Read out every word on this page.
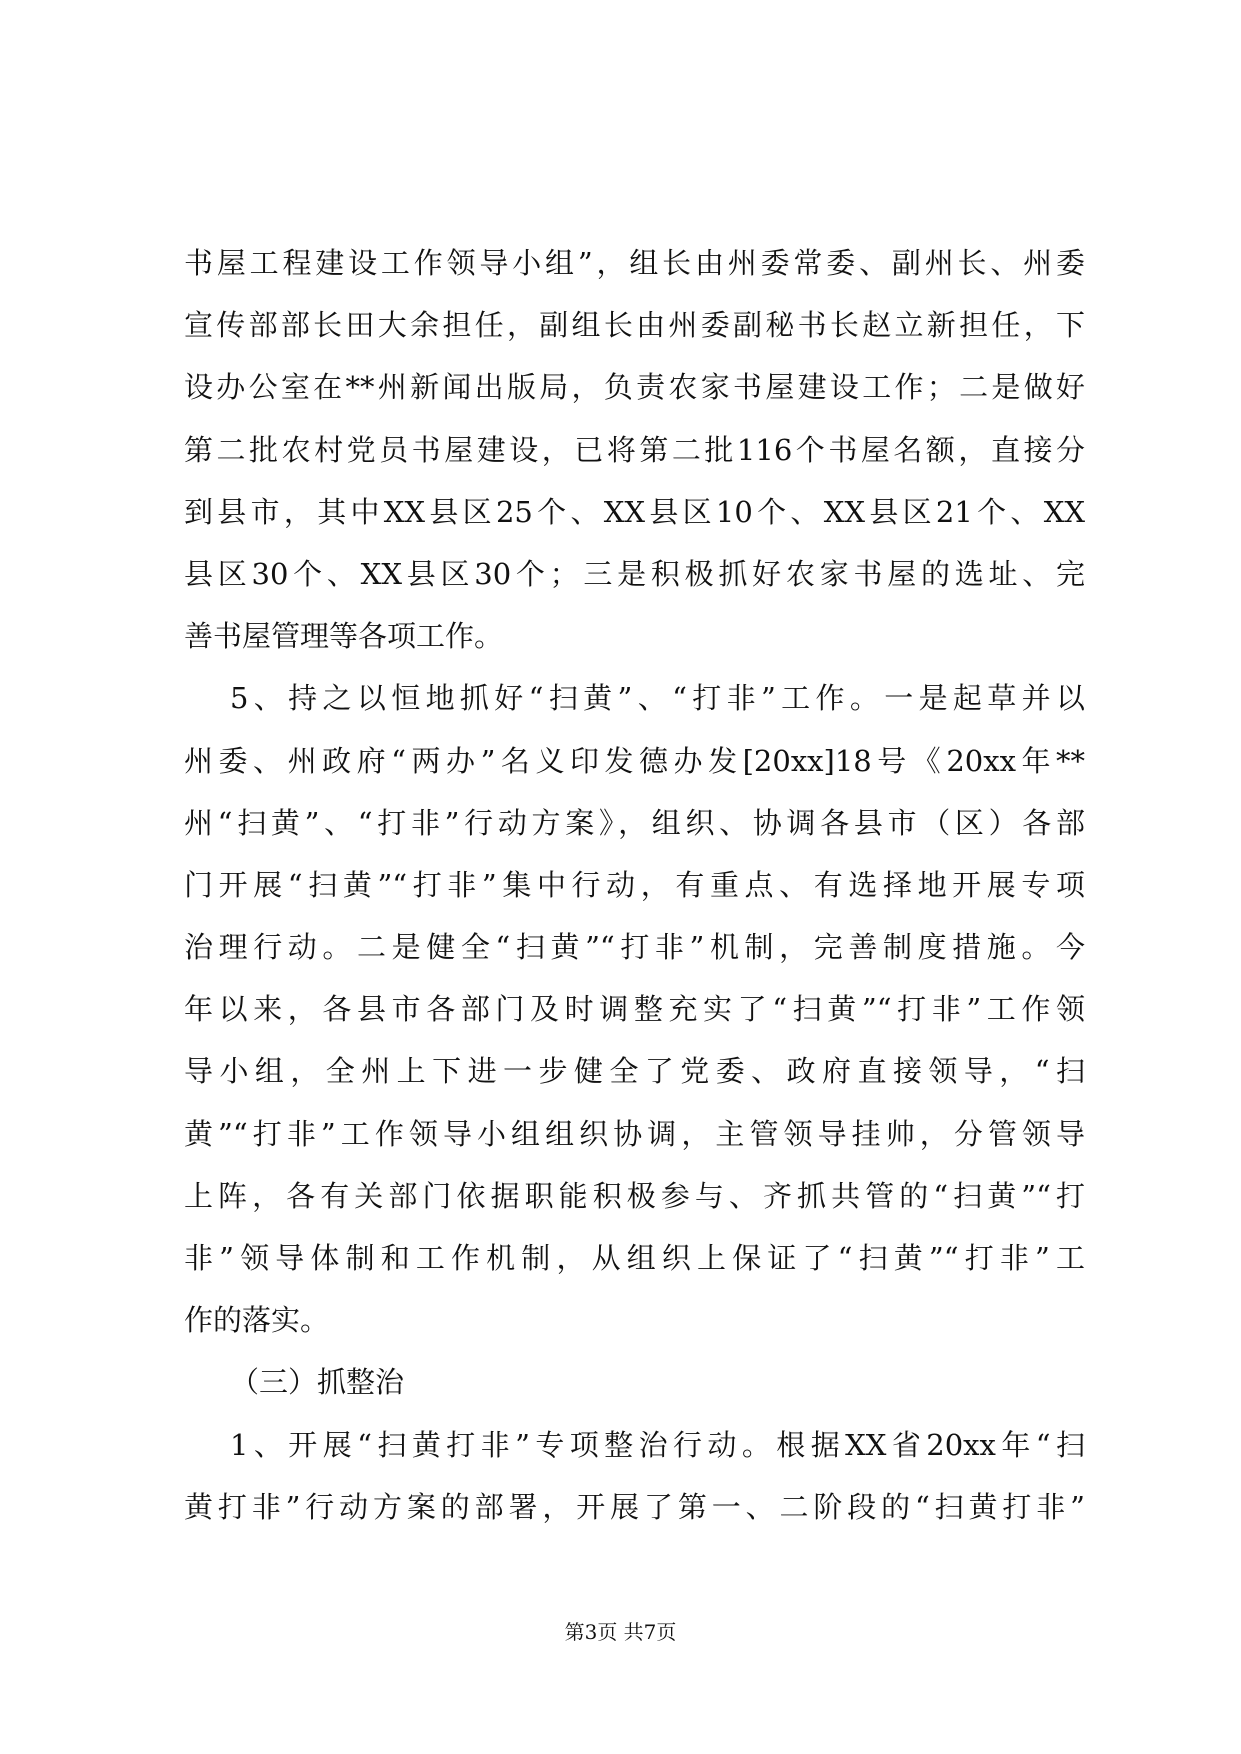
书屋工程建设工作领导小组”，组长由州委常委、副州长、州委
宣传部部长田大余担任，副组长由州委副秘书长赵立新担任，下
设办公室在**州新闻出版局，负责农家书屋建设工作；二是做好
第二批农村党员书屋建设，已将第二批116个书屋名额，直接分
到县市，其中XX县区25个、XX县区10个、XX县区21个、XX
县区30个、XX县区30个；三是积极抓好农家书屋的选址、完
善书屋管理等各项工作。
5、持之以恒地抓好“扫黄”、“打非”工作。一是起草并以
州委、州政府“两办”名义印发德办发[20xx]18号《20xx年**
州“扫黄”、“打非”行动方案》，组织、协调各县市（区）各部
门开展“扫黄”“打非”集中行动，有重点、有选择地开展专项
治理行动。二是健全“扫黄”“打非”机制，完善制度措施。今
年以来，各县市各部门及时调整充实了“扫黄”“打非”工作领
导小组，全州上下进一步健全了党委、政府直接领导，“扫
黄”“打非”工作领导小组组织协调，主管领导挂帅，分管领导
上阵，各有关部门依据职能积极参与、齐抓共管的“扫黄”“打
非”领导体制和工作机制，从组织上保证了“扫黄”“打非”工
作的落实。
（三）抓整治
1、开展“扫黄打非”专项整治行动。根据XX省20xx年“扫
黄打非”行动方案的部署，开展了第一、二阶段的“扫黄打非”
第3页 共7页
